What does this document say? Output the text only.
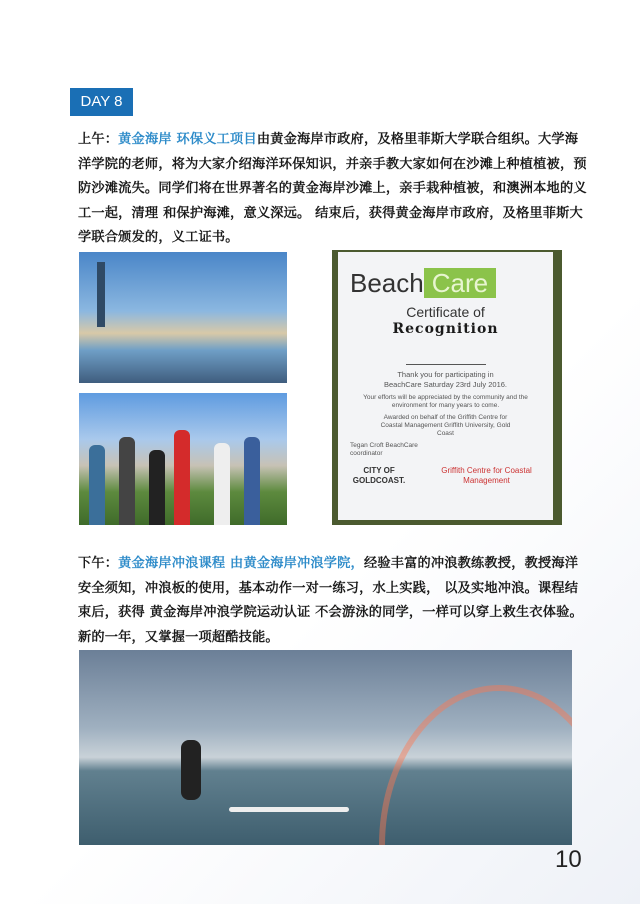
DAY 8
上午：黄金海岸 环保义工项目由黄金海岸市政府，及格里菲斯大学联合组织。大学海洋学院的老师，将为大家介绍海洋环保知识，并亲手教大家如何在沙滩上种植植被，预防沙滩流失。同学们将在世界著名的黄金海岸沙滩上，亲手栽种植被，和澳洲本地的义工一起，清理 和保护海滩，意义深远。 结束后，获得黄金海岸市政府，及格里菲斯大学联合颁发的，义工证书。
Beach Care
Certificate of
Recognition
Thank you for participating in BeachCare Saturday 23rd July 2016.
Your efforts will be appreciated by the community and the environment for many years to come.
Awarded on behalf of the Griffith Centre for Coastal Management Griffith University, Gold Coast
Tegan Croft BeachCare coordinator
CITY OF GOLDCOAST.
Griffith Centre for Coastal Management
下午：黄金海岸冲浪课程 由黄金海岸冲浪学院，经验丰富的冲浪教练教授，教授海洋安全须知，冲浪板的使用，基本动作一对一练习，水上实践， 以及实地冲浪。课程结束后，获得 黄金海岸冲浪学院运动认证 不会游泳的同学，一样可以穿上救生衣体验。新的一年，又掌握一项超酷技能。
10
